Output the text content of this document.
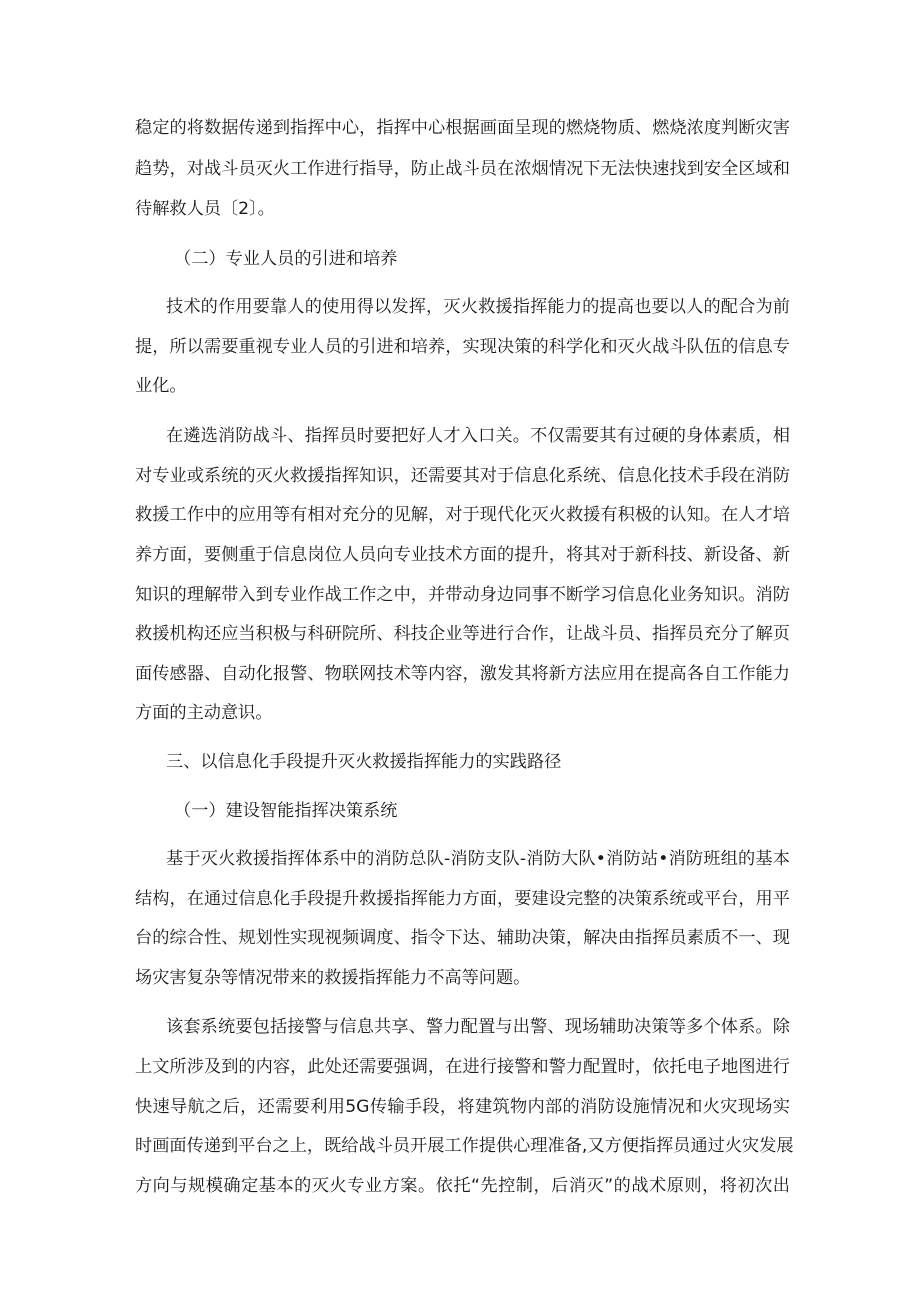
稳定的将数据传递到指挥中心，指挥中心根据画面呈现的燃烧物质、燃烧浓度判断灾害
趋势，对战斗员灭火工作进行指导，防止战斗员在浓烟情况下无法快速找到安全区域和
待解救人员〔2〕。
（二）专业人员的引进和培养
技术的作用要靠人的使用得以发挥，灭火救援指挥能力的提高也要以人的配合为前
提，所以需要重视专业人员的引进和培养，实现决策的科学化和灭火战斗队伍的信息专
业化。
在遴选消防战斗、指挥员时要把好人才入口关。不仅需要其有过硬的身体素质，相
对专业或系统的灭火救援指挥知识，还需要其对于信息化系统、信息化技术手段在消防
救援工作中的应用等有相对充分的见解，对于现代化灭火救援有积极的认知。在人才培
养方面，要侧重于信息岗位人员向专业技术方面的提升，将其对于新科技、新设备、新
知识的理解带入到专业作战工作之中，并带动身边同事不断学习信息化业务知识。消防
救援机构还应当积极与科研院所、科技企业等进行合作，让战斗员、指挥员充分了解页
面传感器、自动化报警、物联网技术等内容，激发其将新方法应用在提高各自工作能力
方面的主动意识。
三、以信息化手段提升灭火救援指挥能力的实践路径
（一）建设智能指挥决策系统
基于灭火救援指挥体系中的消防总队-消防支队-消防大队•消防站•消防班组的基本
结构，在通过信息化手段提升救援指挥能力方面，要建设完整的决策系统或平台，用平
台的综合性、规划性实现视频调度、指令下达、辅助决策，解决由指挥员素质不一、现
场灾害复杂等情况带来的救援指挥能力不高等问题。
该套系统要包括接警与信息共享、警力配置与出警、现场辅助决策等多个体系。除
上文所涉及到的内容，此处还需要强调，在进行接警和警力配置时，依托电子地图进行
快速导航之后，还需要利用5G传输手段，将建筑物内部的消防设施情况和火灾现场实
时画面传递到平台之上，既给战斗员开展工作提供心理准备,又方便指挥员通过火灾发展
方向与规模确定基本的灭火专业方案。依托“先控制，后消灭”的战术原则，将初次出
